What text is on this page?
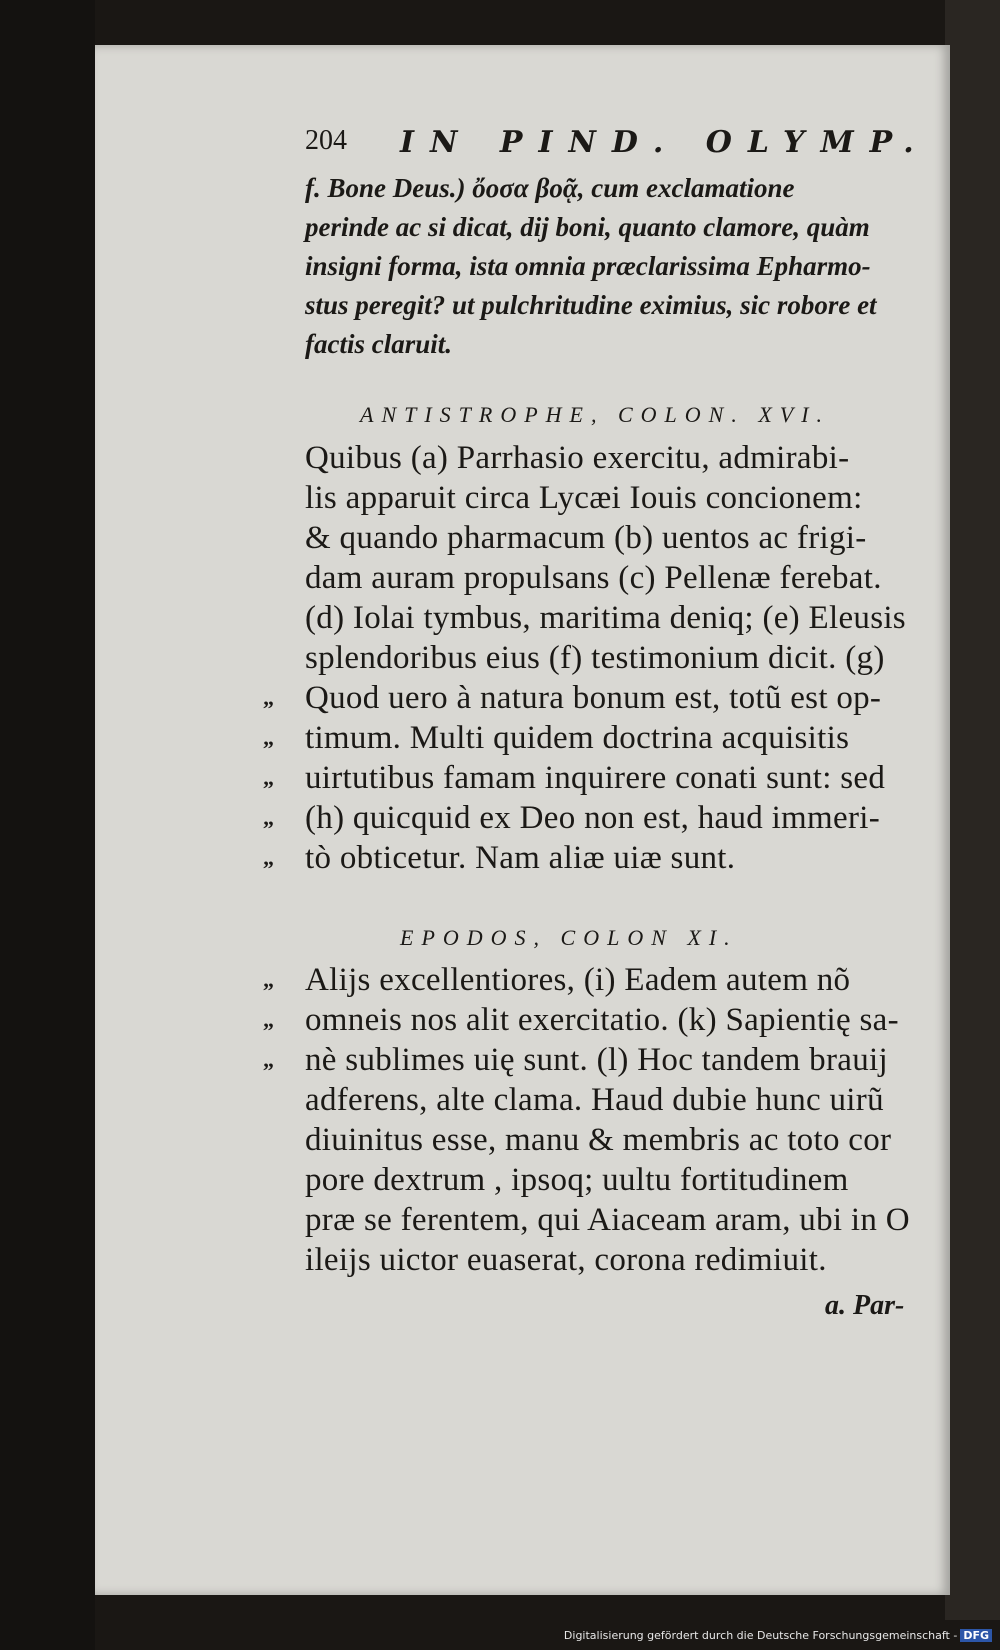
204 IN PIND. OLYMP.
f. Bone Deus.) ὄοσα βοᾷ, cum exclamatione
perinde ac si dicat, dij boni, quanto clamore, quàm
insigni forma, ista omnia præclarissima Epharmo-
stus peregit? ut pulchritudine eximius, sic robore et
factis claruit.
ANTISTROPHE, COLON. XVI.
Quibus (a) Parrhasio exercitu, admirabi-
lis apparuit circa Lycæi Iouis concionem:
& quando pharmacum (b) uentos ac frigi-
dam auram propulsans (c) Pellenæ ferebat.
(d) Iolai tymbus, maritima deniq; (e) Eleusis
splendoribus eius (f) testimonium dicit. (g)
„ Quod uero à natura bonum est, totũ est op-
„ timum. Multi quidem doctrina acquisitis
„ uirtutibus famam inquirere conati sunt: sed
„ (h) quicquid ex Deo non est, haud immeri-
„ tò obticetur. Nam aliæ uiæ sunt.
EPODOS, COLON XI.
„ Alijs excellentiores, (i) Eadem autem nõ
„ omneis nos alit exercitatio. (k) Sapientię sa-
„ nè sublimes uię sunt. (l) Hoc tandem brauij
adferens, alte clama. Haud dubie hunc uirũ
diuinitus esse, manu & membris ac toto cor
pore dextrum , ipsoq; uultu fortitudinem
præ se ferentem, qui Aiaceam aram, ubi in O
ileijs uictor euaserat, corona redimiuit.
a. Par-
Digitalisierung gefördert durch die Deutsche Forschungsgemeinschaft - DFG
